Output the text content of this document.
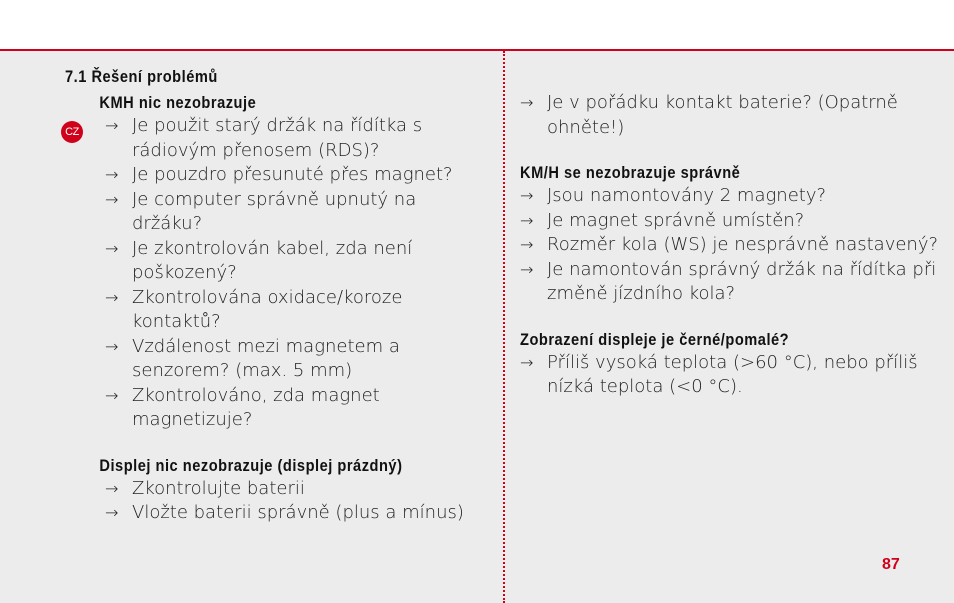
7.1 Řešení problémů
CZ
KMH nic nezobrazuje
→ Je použit starý držák na řídítka s rádiovým přenosem (RDS)?
→ Je pouzdro přesunuté přes magnet?
→ Je computer správně upnutý na držáku?
→ Je zkontrolován kabel, zda není poškozený?
→ Zkontrolována oxidace/koroze kontaktů?
→ Vzdálenost mezi magnetem a senzorem? (max. 5 mm)
→ Zkontrolováno, zda magnet magnetizuje?
Displej nic nezobrazuje (displej prázdný)
→ Zkontrolujte baterii
→ Vložte baterii správně (plus a mínus)
→ Je v pořádku kontakt baterie? (Opatrně ohněte!)
KM/H se nezobrazuje správně
→ Jsou namontovány 2 magnety?
→ Je magnet správně umístěn?
→ Rozměr kola (WS) je nesprávně nastavený?
→ Je namontován správný držák na řídítka při změně jízdního kola?
Zobrazení displeje je černé/pomalé?
→ Příliš vysoká teplota (>60 °C), nebo příliš nízká teplota (<0 °C).
87
